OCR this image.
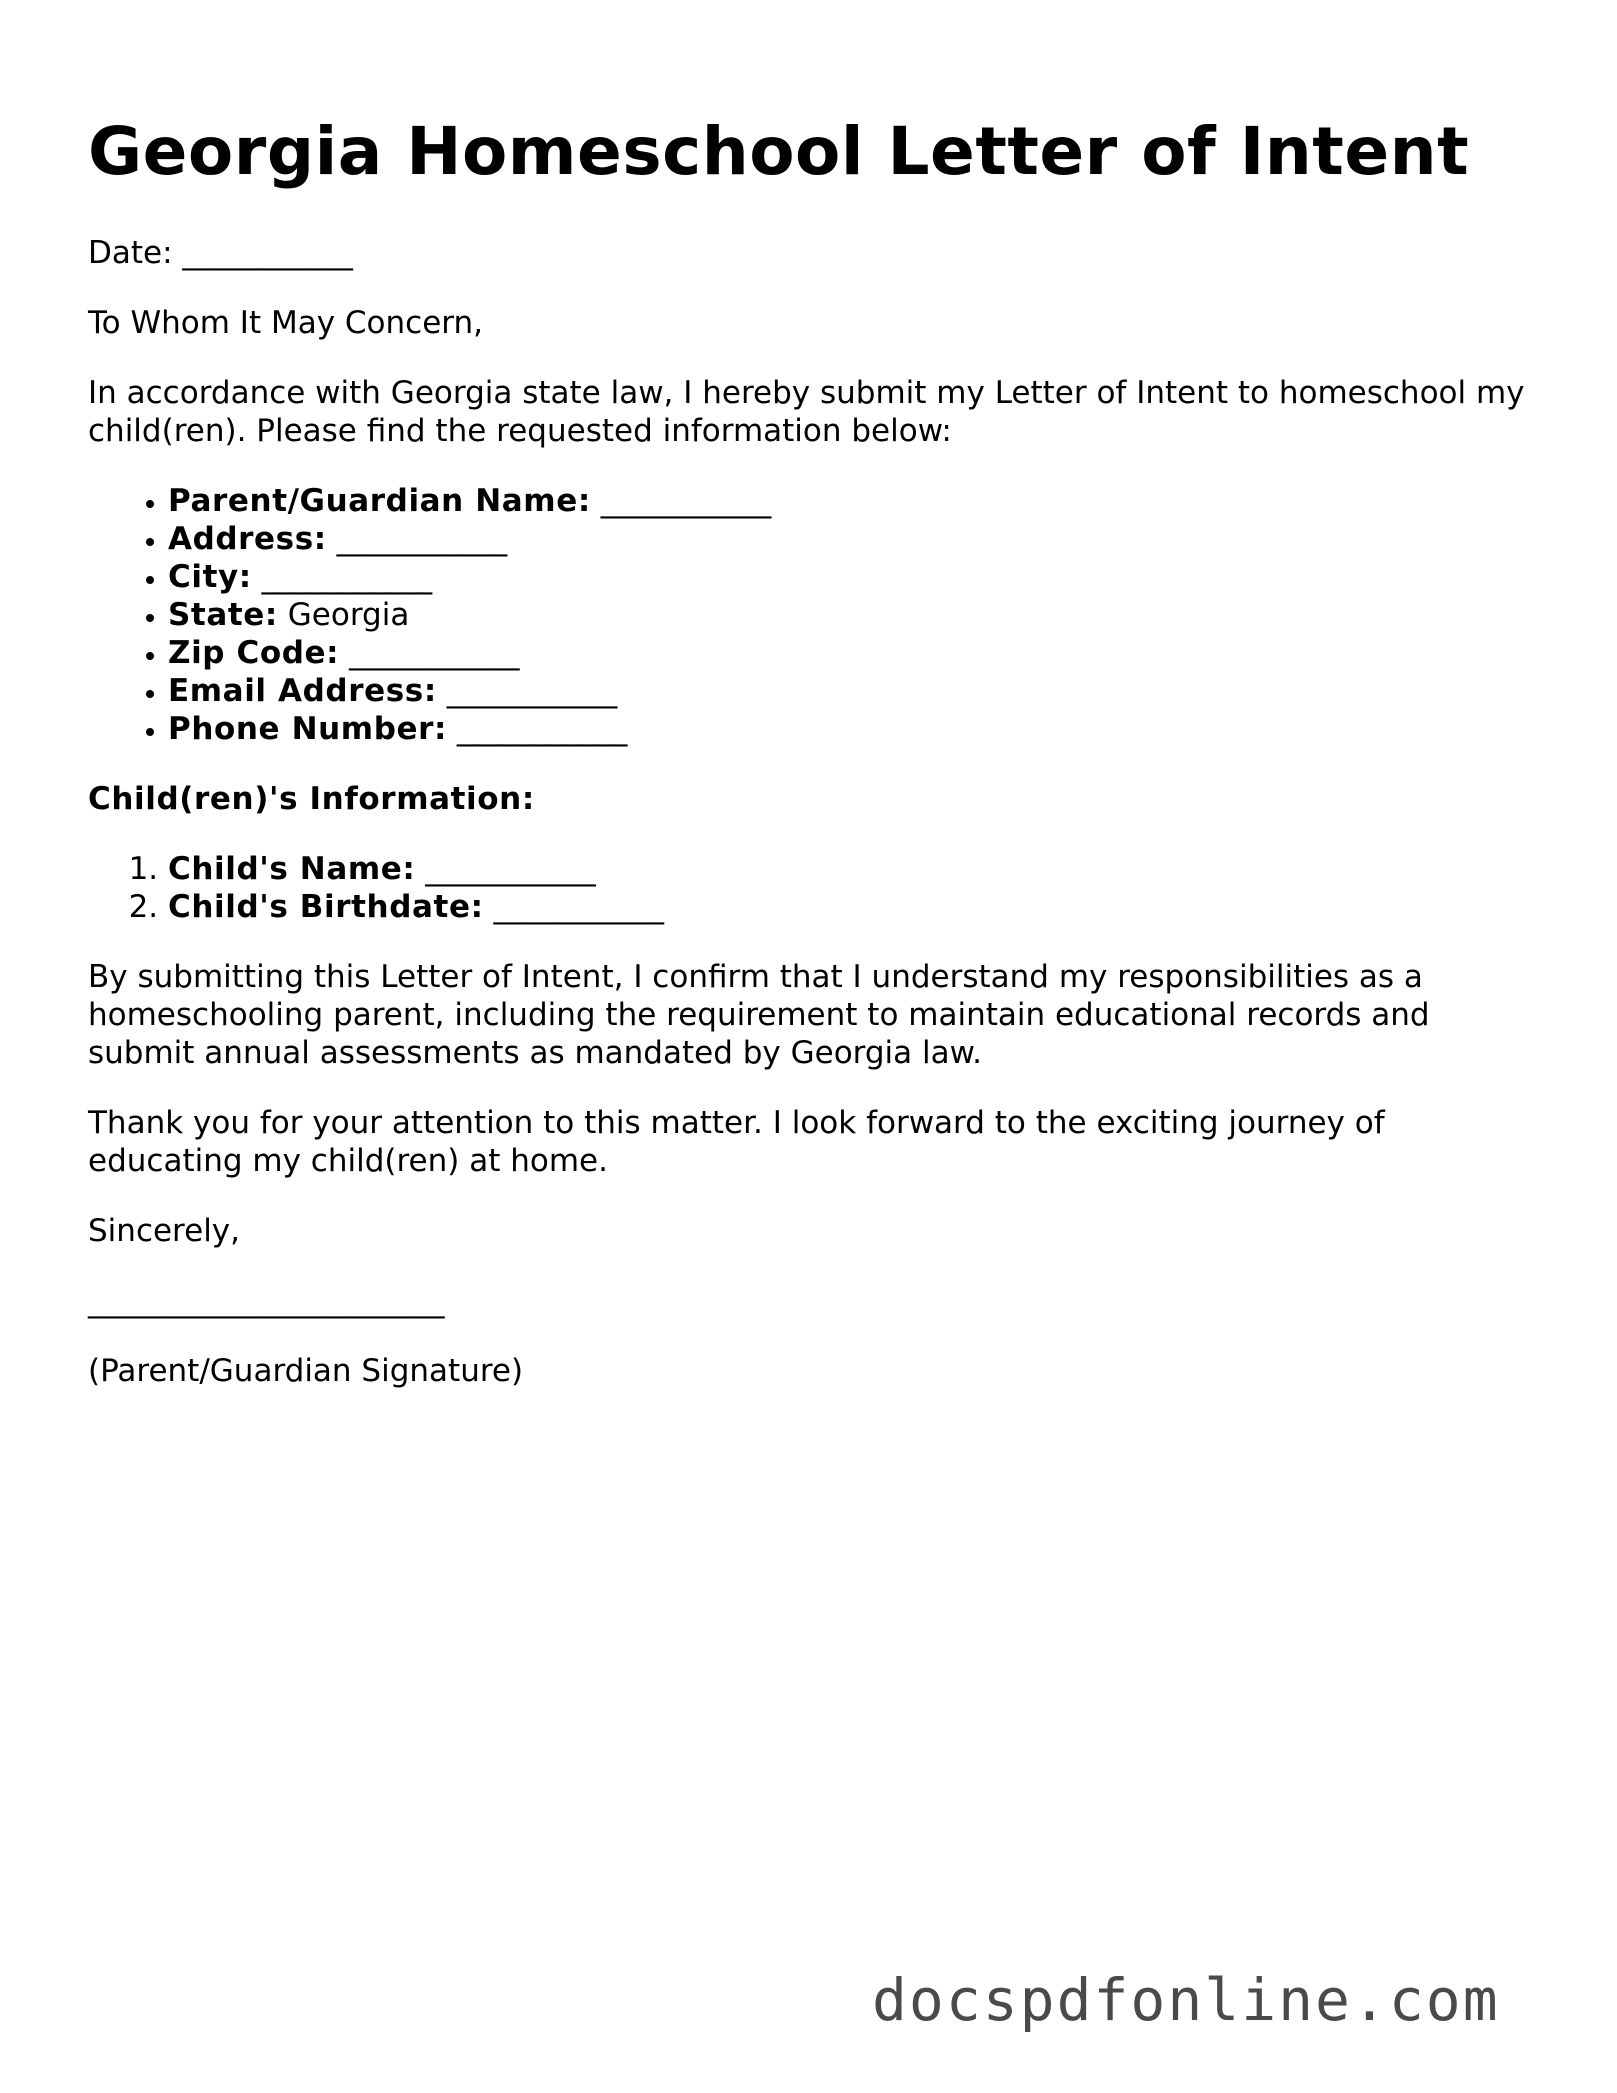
Georgia Homeschool Letter of Intent

Date: ___________

To Whom It May Concern,

In accordance with Georgia state law, I hereby submit my Letter of Intent to homeschool my child(ren). Please find the requested information below:

• Parent/Guardian Name: ___________
• Address: ___________
• City: ___________
• State: Georgia
• Zip Code: ___________
• Email Address: ___________
• Phone Number: ___________

Child(ren)'s Information:

1. Child's Name: ___________
2. Child's Birthdate: ___________

By submitting this Letter of Intent, I confirm that I understand my responsibilities as a homeschooling parent, including the requirement to maintain educational records and submit annual assessments as mandated by Georgia law.

Thank you for your attention to this matter. I look forward to the exciting journey of educating my child(ren) at home.

Sincerely,

_______________________

(Parent/Guardian Signature)

docspdfonline.com
